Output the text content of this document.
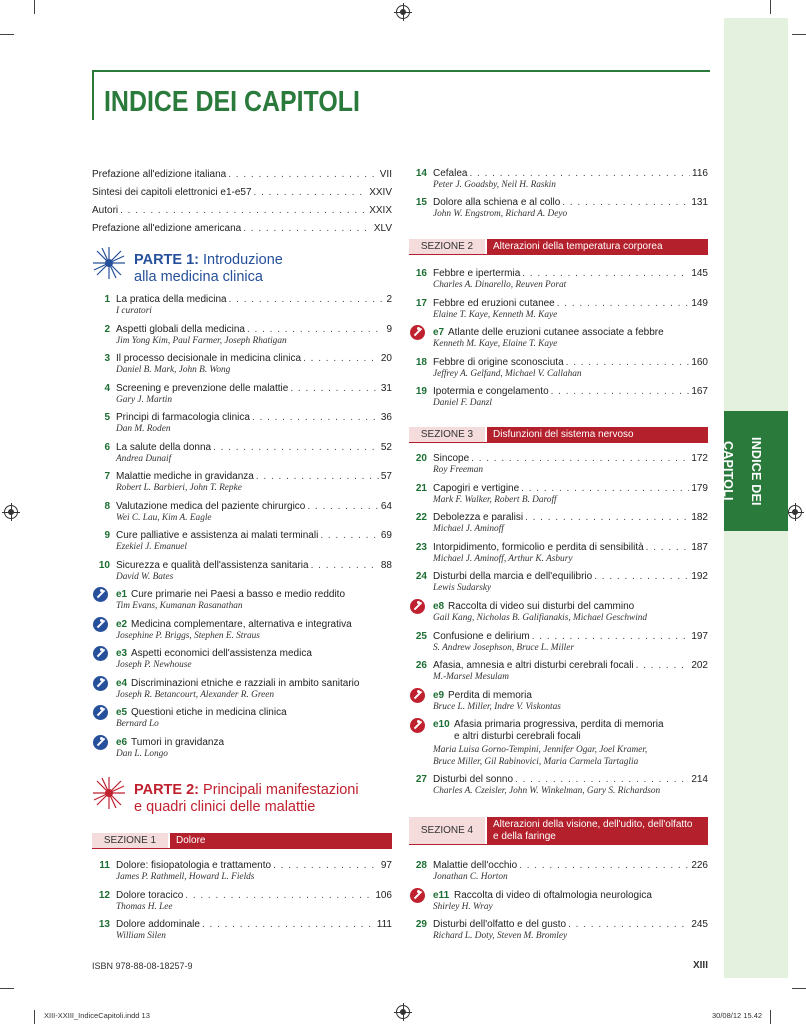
INDICE DEI CAPITOLI
INDICE DEI CAPITOLI
Prefazione all'edizione italiana . . .	VII
Sintesi dei capitoli elettronici e1-e57 . . .	XXIV
Autori . . .	XXIX
Prefazione all'edizione americana . . .	XLV
PARTE 1: Introduzione
alla medicina clinica
1 La pratica della medicina . . .	2
I curatori
2 Aspetti globali della medicina . . .	9
Jim Yong Kim, Paul Farmer, Joseph Rhatigan
3 Il processo decisionale in medicina clinica . . .	20
Daniel B. Mark, John B. Wong
4 Screening e prevenzione delle malattie . . .	31
Gary J. Martin
5 Principi di farmacologia clinica . . .	36
Dan M. Roden
6 La salute della donna . . .	52
Andrea Dunaif
7 Malattie mediche in gravidanza . . .	57
Robert L. Barbieri, John T. Repke
8 Valutazione medica del paziente chirurgico . . .	64
Wei C. Lau, Kim A. Eagle
9 Cure palliative e assistenza ai malati terminali . . .	69
Ezekiel J. Emanuel
10 Sicurezza e qualità dell'assistenza sanitaria . . .	88
David W. Bates
e1 Cure primarie nei Paesi a basso e medio reddito
Tim Evans, Kumanan Rasanathan
e2 Medicina complementare, alternativa e integrativa
Josephine P. Briggs, Stephen E. Straus
e3 Aspetti economici dell'assistenza medica
Joseph P. Newhouse
e4 Discriminazioni etniche e razziali in ambito sanitario
Joseph R. Betancourt, Alexander R. Green
e5 Questioni etiche in medicina clinica
Bernard Lo
e6 Tumori in gravidanza
Dan L. Longo
PARTE 2: Principali manifestazioni
e quadri clinici delle malattie
SEZIONE 1	Dolore
11 Dolore: fisiopatologia e trattamento . . .	97
James P. Rathmell, Howard L. Fields
12 Dolore toracico . . .	106
Thomas H. Lee
13 Dolore addominale . . .	111
William Silen
14 Cefalea . . .	116
Peter J. Goadsby, Neil H. Raskin
15 Dolore alla schiena e al collo . . .	131
John W. Engstrom, Richard A. Deyo
SEZIONE 2	Alterazioni della temperatura corporea
16 Febbre e ipertermia . . .	145
Charles A. Dinarello, Reuven Porat
17 Febbre ed eruzioni cutanee . . .	149
Elaine T. Kaye, Kenneth M. Kaye
e7 Atlante delle eruzioni cutanee associate a febbre
Kenneth M. Kaye, Elaine T. Kaye
18 Febbre di origine sconosciuta . . .	160
Jeffrey A. Gelfand, Michael V. Callahan
19 Ipotermia e congelamento . . .	167
Daniel F. Danzl
SEZIONE 3	Disfunzioni del sistema nervoso
20 Sincope . . .	172
Roy Freeman
21 Capogiri e vertigine . . .	179
Mark F. Walker, Robert B. Daroff
22 Debolezza e paralisi . . .	182
Michael J. Aminoff
23 Intorpidimento, formicolio e perdita di sensibilità . . .	187
Michael J. Aminoff, Arthur K. Asbury
24 Disturbi della marcia e dell'equilibrio . . .	192
Lewis Sudarsky
e8 Raccolta di video sui disturbi del cammino
Gail Kang, Nicholas B. Galifianakis, Michael Geschwind
25 Confusione e delirium . . .	197
S. Andrew Josephson, Bruce L. Miller
26 Afasia, amnesia e altri disturbi cerebrali focali . . .	202
M.-Marsel Mesulam
e9 Perdita di memoria
Bruce L. Miller, Indre V. Viskontas
e10 Afasia primaria progressiva, perdita di memoria
e altri disturbi cerebrali focali
Maria Luisa Gorno-Tempini, Jennifer Ogar, Joel Kramer,
Bruce Miller, Gil Rabinovici, Maria Carmela Tartaglia
27 Disturbi del sonno . . .	214
Charles A. Czeisler, John W. Winkelman, Gary S. Richardson
SEZIONE 4
Alterazioni della visione, dell'udito, dell'olfatto
e della faringe
28 Malattie dell'occhio . . .	226
Jonathan C. Horton
e11 Raccolta di video di oftalmologia neurologica
Shirley H. Wray
29 Disturbi dell'olfatto e del gusto . . .	245
Richard L. Doty, Steven M. Bromley
ISBN 978-88-08-18257-9	XIII
XIII-XXIII_IndiceCapitoli.indd 13	30/08/12 15.42
